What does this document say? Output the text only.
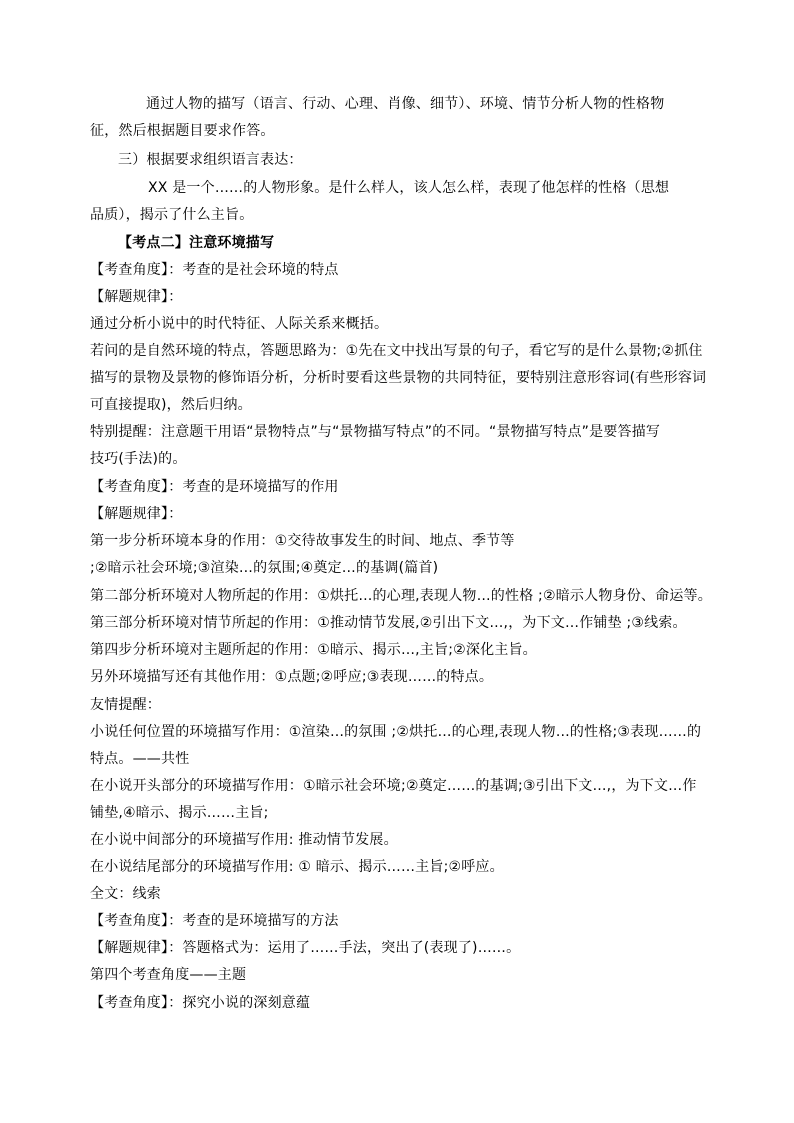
通过人物的描写（语言、行动、心理、肖像、细节）、环境、情节分析人物的性格物
征，然后根据题目要求作答。
三）根据要求组织语言表达：
XX 是一个……的人物形象。是什么样人，该人怎么样，表现了他怎样的性格（思想
品质），揭示了什么主旨。
【考点二】注意环境描写
【考查角度】：考查的是社会环境的特点
【解题规律】：
通过分析小说中的时代特征、人际关系来概括。
若问的是自然环境的特点，答题思路为：①先在文中找出写景的句子，看它写的是什么景物;②抓住
描写的景物及景物的修饰语分析，分析时要看这些景物的共同特征，要特别注意形容词(有些形容词
可直接提取)，然后归纳。
特别提醒：注意题干用语“景物特点”与“景物描写特点”的不同。“景物描写特点”是要答描写
技巧(手法)的。
【考查角度】：考查的是环境描写的作用
【解题规律】：
第一步分析环境本身的作用：①交待故事发生的时间、地点、季节等
;②暗示社会环境;③渲染…的氛围;④奠定…的基调(篇首)
第二部分析环境对人物所起的作用：①烘托…的心理,表现人物…的性格 ;②暗示人物身份、命运等。
第三部分析环境对情节所起的作用：①推动情节发展,②引出下文…,，为下文…作铺垫 ;③线索。
第四步分析环境对主题所起的作用：①暗示、揭示…,主旨;②深化主旨。
另外环境描写还有其他作用：①点题;②呼应;③表现……的特点。
友情提醒：
小说任何位置的环境描写作用：①渲染…的氛围 ;②烘托…的心理,表现人物…的性格;③表现……的
特点。——共性
在小说开头部分的环境描写作用：①暗示社会环境;②奠定……的基调;③引出下文…,，为下文…作
铺垫,④暗示、揭示……主旨;
在小说中间部分的环境描写作用: 推动情节发展。
在小说结尾部分的环境描写作用: ① 暗示、揭示……主旨;②呼应。
全文：线索
【考查角度】：考查的是环境描写的方法
【解题规律】：答题格式为：运用了……手法，突出了(表现了)……。
第四个考查角度——主题
【考查角度】：探究小说的深刻意蕴
